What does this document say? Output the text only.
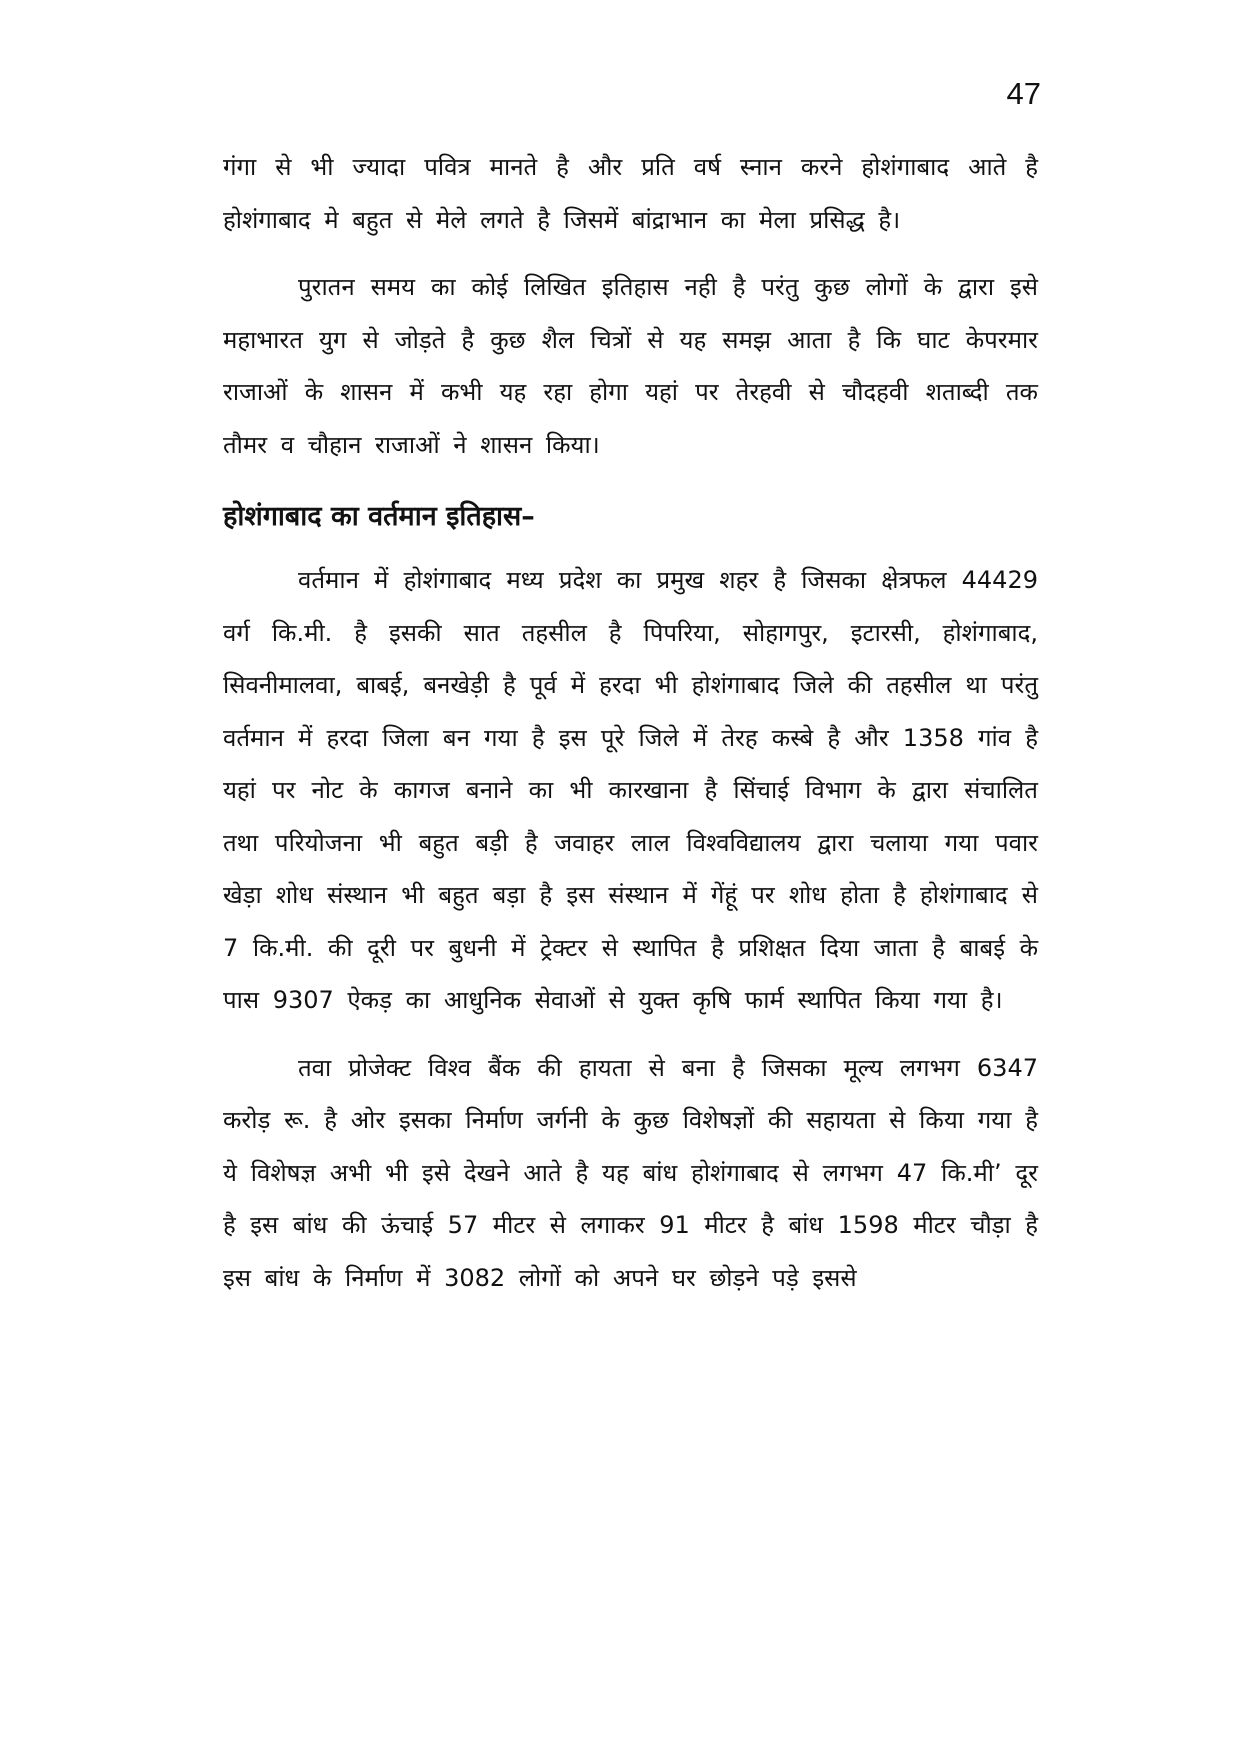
47

गंगा से भी ज्यादा पवित्र मानते है और प्रति वर्ष स्नान करने होशंगाबाद आते है होशंगाबाद मे बहुत से मेले लगते है जिसमें बांद्राभान का मेला प्रसिद्ध है।

पुरातन समय का कोई लिखित इतिहास नही है परंतु कुछ लोगों के द्वारा इसे महाभारत युग से जोड़ते है कुछ शैल चित्रों से यह समझ आता है कि घाट केपरमार राजाओं के शासन में कभी यह रहा होगा यहां पर तेरहवी से चौदहवी शताब्दी तक तौमर व चौहान राजाओं ने शासन किया।

होशंगाबाद का वर्तमान इतिहास–

वर्तमान में होशंगाबाद मध्य प्रदेश का प्रमुख शहर है जिसका क्षेत्रफल 44429 वर्ग कि.मी. है इसकी सात तहसील है पिपरिया, सोहागपुर, इटारसी, होशंगाबाद, सिवनीमालवा, बाबई, बनखेड़ी है पूर्व में हरदा भी होशंगाबाद जिले की तहसील था परंतु वर्तमान में हरदा जिला बन गया है इस पूरे जिले में तेरह कस्बे है और 1358 गांव है यहां पर नोट के कागज बनाने का भी कारखाना है सिंचाई विभाग के द्वारा संचालित तथा परियोजना भी बहुत बड़ी है जवाहर लाल विश्वविद्यालय द्वारा चलाया गया पवार खेड़ा शोध संस्थान भी बहुत बड़ा है इस संस्थान में गेंहूं पर शोध होता है होशंगाबाद से 7 कि.मी. की दूरी पर बुधनी में ट्रेक्टर से स्थापित है प्रशिक्षत दिया जाता है बाबई के पास 9307 ऐकड़ का आधुनिक सेवाओं से युक्त कृषि फार्म स्थापित किया गया है।

तवा प्रोजेक्ट विश्व बैंक की हायता से बना है जिसका मूल्य लगभग 6347 करोड़ रू. है ओर इसका निर्माण जर्गनी के कुछ विशेषज्ञों की सहायता से किया गया है ये विशेषज्ञ अभी भी इसे देखने आते है यह बांध होशंगाबाद से लगभग 47 कि.मी’ दूर है इस बांध की ऊंचाई 57 मीटर से लगाकर 91 मीटर है बांध 1598 मीटर चौड़ा है इस बांध के निर्माण में 3082 लोगों को अपने घर छोड़ने पड़े इससे
